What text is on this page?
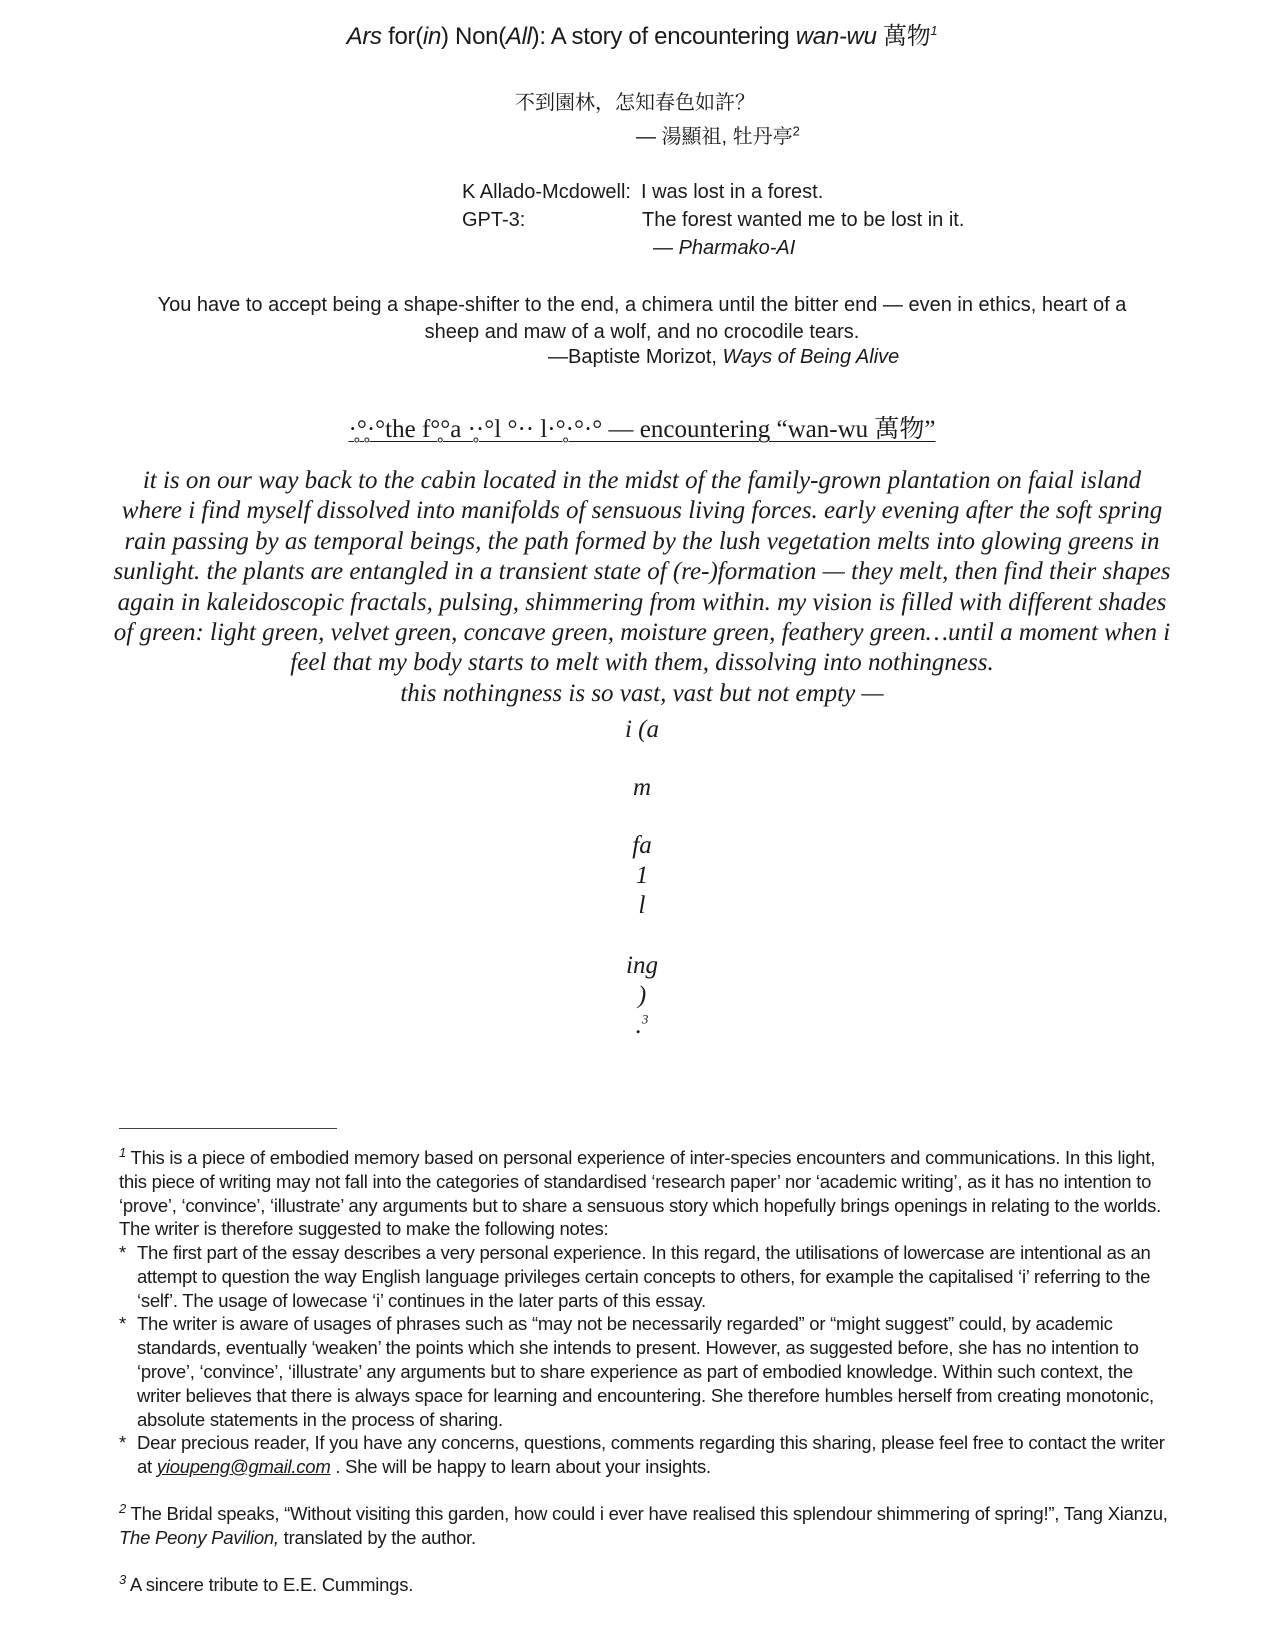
Ars for(in) Non(All): A story of encountering wan-wu 萬物$^1$

不到園林，怎知春色如許？

— 湯顯祖, 牡丹亭$^2$

K Allado-Mcdowell: I was lost in a forest.
GPT-3:	The forest wanted me to be lost in it.

— Pharmako-AI

You have to accept being a shape-shifter to the end, a chimera until the bitter end — even in ethics, heart of a sheep and maw of a wolf, and no crocodile tears.

—Baptiste Morizot, Ways of Being Alive

·̥°̥·°the f°̥°a ·̥·°l °·· l·°̥·°·° — encountering “wan-wu 萬物”
it is on our way back to the cabin located in the midst of the family-grown plantation on faial island where i find myself dissolved into manifolds of sensuous living forces. early evening after the soft spring rain passing by as temporal beings, the path formed by the lush vegetation melts into glowing greens in sunlight. the plants are entangled in a transient state of (re-)formation — they melt, then find their shapes again in kaleidoscopic fractals, pulsing, shimmering from within. my vision is filled with different shades of green: light green, velvet green, concave green, moisture green, feathery green…until a moment when i feel that my body starts to melt with them, dissolving into nothingness.
this nothingness is so vast, vast but not empty —
i (a
m
fa
1
l
ing
)
.$^3$

$^1$ This is a piece of embodied memory based on personal experience of inter-species encounters and communications. In this light, this piece of writing may not fall into the categories of standardised ‘research paper’ nor ‘academic writing’, as it has no intention to ‘prove’, ‘convince’, ‘illustrate’ any arguments but to share a sensuous story which hopefully brings openings in relating to the worlds. The writer is therefore suggested to make the following notes:

* The first part of the essay describes a very personal experience. In this regard, the utilisations of lowercase are intentional as an attempt to question the way English language privileges certain concepts to others, for example the capitalised ‘i’ referring to the ‘self’. The usage of lowecase ‘i’ continues in the later parts of this essay.
* The writer is aware of usages of phrases such as “may not be necessarily regarded” or “might suggest” could, by academic standards, eventually ‘weaken’ the points which she intends to present. However, as suggested before, she has no intention to ‘prove’, ‘convince’, ‘illustrate’ any arguments but to share experience as part of embodied knowledge. Within such context, the writer believes that there is always space for learning and encountering. She therefore humbles herself from creating monotonic, absolute statements in the process of sharing.
* Dear precious reader, If you have any concerns, questions, comments regarding this sharing, please feel free to contact the writer at yioupeng@gmail.com . She will be happy to learn about your insights.

$^2$ The Bridal speaks, “Without visiting this garden, how could i ever have realised this splendour shimmering of spring!”, Tang Xianzu, The Peony Pavilion, translated by the author.

$^3$ A sincere tribute to E.E. Cummings.
